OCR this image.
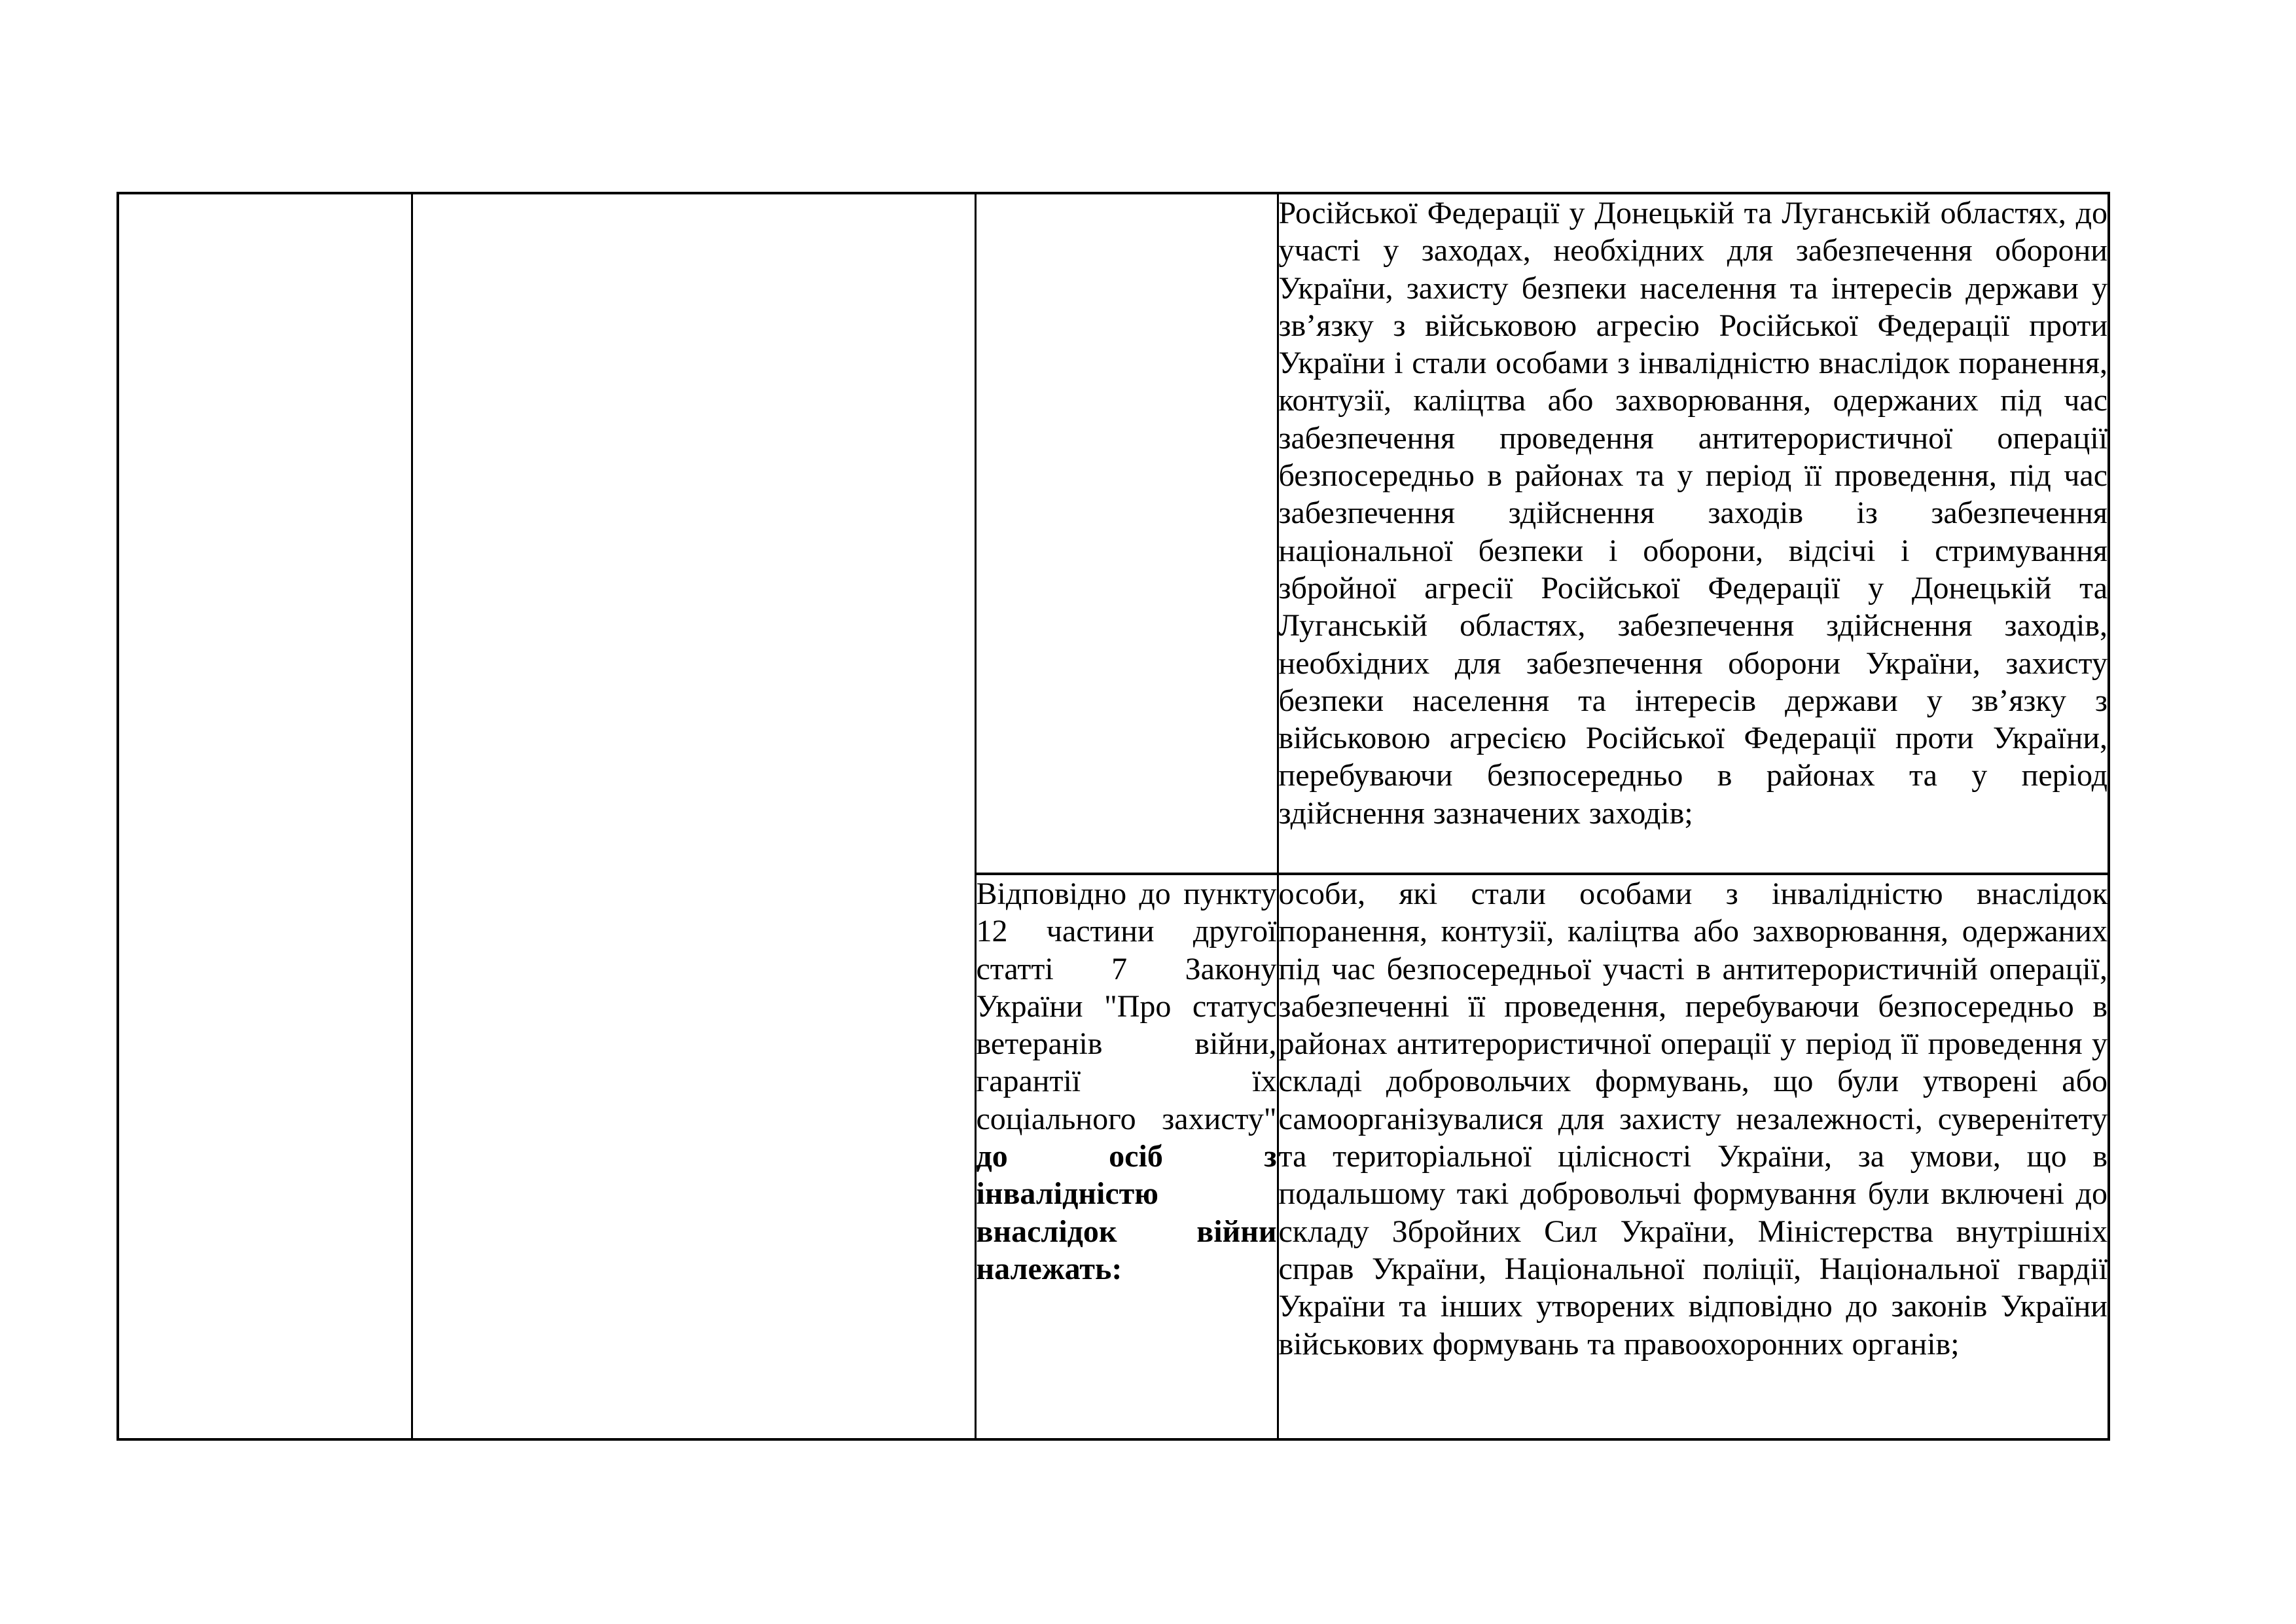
			Російської Федерації у Донецькій та Луганській областях, до участі у заходах, необхідних для забезпечення оборони України, захисту безпеки населення та інтересів держави у зв’язку з військовою агресію Російської Федерації проти України і стали особами з інвалідністю внаслідок поранення, контузії, каліцтва або захворювання, одержаних під час забезпечення проведення антитерористичної операції безпосередньо в районах та у період її проведення, під час забезпечення здійснення заходів із забезпечення національної безпеки і оборони, відсічі і стримування збройної агресії Російської Федерації у Донецькій та Луганській областях, забезпечення здійснення заходів, необхідних для забезпечення оборони України, захисту безпеки населення та інтересів держави у зв’язку з військовою агресією Російської Федерації проти України, перебуваючи безпосередньо в районах та у період здійснення зазначених заходів;

		Відповідно до пункту 12 частини другої статті 7 Закону України "Про статус ветеранів війни, гарантії їх соціального захисту" до осіб з інвалідністю внаслідок війни належать:	особи, які стали особами з інвалідністю внаслідок поранення, контузії, каліцтва або захворювання, одержаних під час безпосередньої участі в антитерористичній операції, забезпеченні її проведення, перебуваючи безпосередньо в районах антитерористичної операції у період її проведення у складі добровольчих формувань, що були утворені або самоорганізувалися для захисту незалежності, суверенітету та територіальної цілісності України, за умови, що в подальшому такі добровольчі формування були включені до складу Збройних Сил України, Міністерства внутрішніх справ України, Національної поліції, Національної гвардії України та інших утворених відповідно до законів України військових формувань та правоохоронних органів;
